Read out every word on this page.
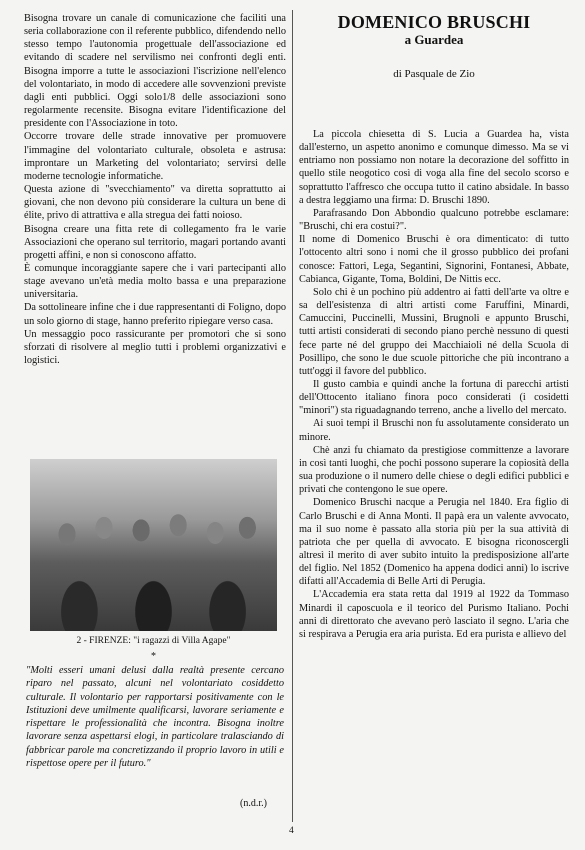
Bisogna trovare un canale di comunicazione che faciliti una seria collaborazione con il referente pubblico, difendendo nello stesso tempo l'autonomia progettuale dell'associazione ed evitando di scadere nel servilismo nei confronti degli enti. Bisogna imporre a tutte le associazioni l'iscrizione nell'elenco del volontariato, in modo di accedere alle sovvenzioni previste dagli enti pubblici. Oggi solo1/8 delle associazioni sono regolarmente recensite. Bisogna evitare l'identificazione del presidente con l'Associazione in toto.

Occorre trovare delle strade innovative per promuovere l'immagine del volontariato culturale, obsoleta e astrusa: improntare un Marketing del volontariato; servirsi delle moderne tecnologie informatiche.

Questa azione di "svecchiamento" va diretta soprattutto ai giovani, che non devono più considerare la cultura un bene di élite, privo di attrattiva e alla stregua dei fatti noioso.

Bisogna creare una fitta rete di collegamento fra le varie Associazioni che operano sul territorio, magari portando avanti progetti affini, e non si conoscono affatto.

È comunque incoraggiante sapere che i vari partecipanti allo stage avevano un'età media molto bassa e una preparazione universitaria.

Da sottolineare infine che i due rappresentanti di Foligno, dopo un solo giorno di stage, hanno preferito ripiegare verso casa.

Un messaggio poco rassicurante per promotori che si sono sforzati di risolvere al meglio tutti i problemi organizzativi e logistici.

2 - FIRENZE: "i ragazzi di Villa Agape"
*

"Molti esseri umani delusi dalla realtà presente cercano riparo nel passato, alcuni nel volontariato cosiddetto culturale. Il volontario per rapportarsi positivamente con le Istituzioni deve umilmente qualificarsi, lavorare seriamente e rispettare le professionalità che incontra. Bisogna inoltre lavorare senza aspettarsi elogi, in particolare tralasciando di fabbricar parole ma concretizzando il proprio lavoro in utili e rispettose opere per il futuro."

(n.d.r.)
DOMENICO BRUSCHI
a Guardea
di Pasquale de Zio

La piccola chiesetta di S. Lucia a Guardea ha, vista dall'esterno, un aspetto anonimo e comunque dimesso. Ma se vi entriamo non possiamo non notare la decorazione del soffitto in quello stile neogotico così di voga alla fine del secolo scorso e soprattutto l'affresco che occupa tutto il catino absidale. In basso a destra leggiamo una firma: D. Bruschi 1890.

Parafrasando Don Abbondio qualcuno potrebbe esclamare: "Bruschi, chi era costui?".

Il nome di Domenico Bruschi è ora dimenticato: di tutto l'ottocento altri sono i nomi che il grosso pubblico dei profani conosce: Fattori, Lega, Segantini, Signorini, Fontanesi, Abbate, Cabianca, Gigante, Toma, Boldini, De Nittis ecc.

Solo chi è un pochino più addentro ai fatti dell'arte va oltre e sa dell'esistenza di altri artisti come Faruffini, Minardi, Camuccini, Puccinelli, Mussini, Brugnoli e appunto Bruschi, tutti artisti considerati di secondo piano perchè nessuno di questi fece parte né del gruppo dei Macchiaioli né della Scuola di Posillipo, che sono le due scuole pittoriche che più incontrano a tutt'oggi il favore del pubblico.

Il gusto cambia e quindi anche la fortuna di parecchi artisti dell'Ottocento italiano finora poco considerati (i cosidetti "minori") sta riguadagnando terreno, anche a livello del mercato.

Ai suoi tempi il Bruschi non fu assolutamente considerato un minore.

Chè anzi fu chiamato da prestigiose committenze a lavorare in così tanti luoghi, che pochi possono superare la copiosità della sua produzione o il numero delle chiese o degli edifici pubblici e privati che contengono le sue opere.

Domenico Bruschi nacque a Perugia nel 1840. Era figlio di Carlo Bruschi e di Anna Monti. Il papà era un valente avvocato, ma il suo nome è passato alla storia più per la sua attività di patriota che per quella di avvocato. E bisogna riconoscergli altresì il merito di aver subito intuito la predisposizione all'arte del figlio. Nel 1852 (Domenico ha appena dodici anni) lo iscrive difatti all'Accademia di Belle Arti di Perugia.

L'Accademia era stata retta dal 1919 al 1922 da Tommaso Minardi il caposcuola e il teorico del Purismo Italiano. Pochi anni di direttorato che avevano però lasciato il segno. L'aria che si respirava a Perugia era aria purista. Ed era purista e allievo del

4
